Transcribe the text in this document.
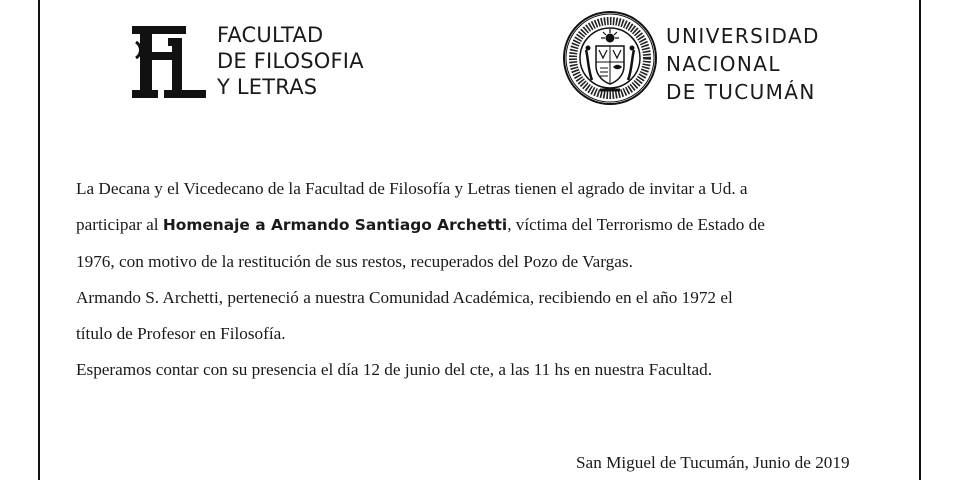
FACULTAD
DE FILOSOFIA
Y LETRAS
UNIVERSIDAD
NACIONAL
DE TUCUMÁN
La Decana y el Vicedecano de la Facultad de Filosofía y Letras tienen el agrado de invitar a Ud. a
participar al Homenaje a Armando Santiago Archetti, víctima del Terrorismo de Estado de
1976, con motivo de la restitución de sus restos, recuperados del Pozo de Vargas.
Armando S. Archetti, perteneció a nuestra Comunidad Académica, recibiendo en el año 1972 el
título de Profesor en Filosofía.
Esperamos contar con su presencia el día 12 de junio del cte, a las 11 hs en nuestra Facultad.
San Miguel de Tucumán, Junio de 2019
